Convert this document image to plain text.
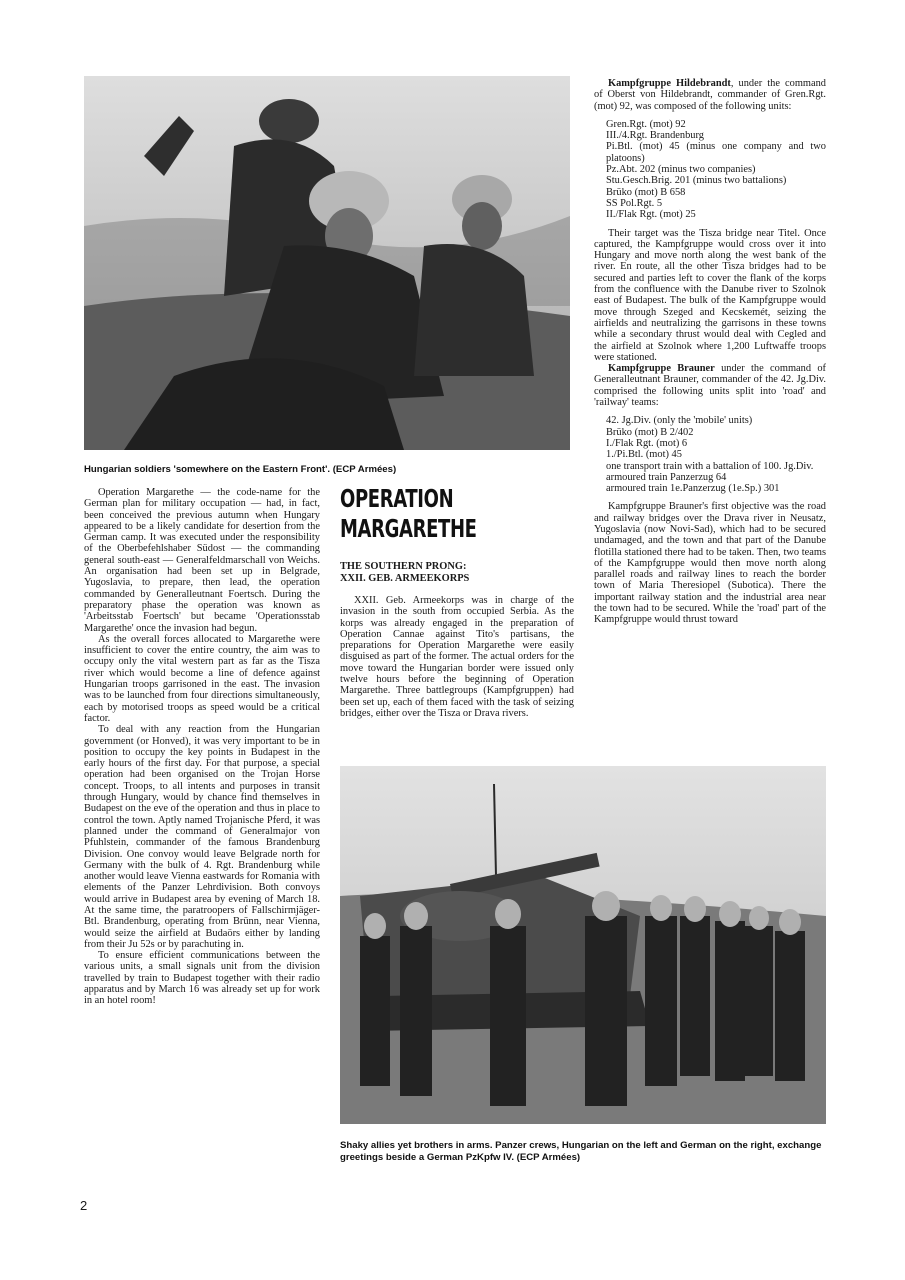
Hungarian soldiers 'somewhere on the Eastern Front'. (ECP Armées)

Operation Margarethe — the code-name for the German plan for military occupation — had, in fact, been conceived the previous autumn when Hungary appeared to be a likely candidate for desertion from the German camp. It was executed under the responsibility of the Oberbefehlshaber Südost — the commanding general south-east — Generalfeldmarschall von Weichs. An organisation had been set up in Belgrade, Yugoslavia, to prepare, then lead, the operation commanded by Generalleutnant Foertsch. During the preparatory phase the operation was known as 'Arbeitsstab Foertsch' but became 'Operationsstab Margarethe' once the invasion had begun.

As the overall forces allocated to Margarethe were insufficient to cover the entire country, the aim was to occupy only the vital western part as far as the Tisza river which would become a line of defence against Hungarian troops garrisoned in the east. The invasion was to be launched from four directions simultaneously, each by motorised troops as speed would be a critical factor.

To deal with any reaction from the Hungarian government (or Honved), it was very important to be in position to occupy the key points in Budapest in the early hours of the first day. For that purpose, a special operation had been organised on the Trojan Horse concept. Troops, to all intents and purposes in transit through Hungary, would by chance find themselves in Budapest on the eve of the operation and thus in place to control the town. Aptly named Trojanische Pferd, it was planned under the command of Generalmajor von Pfuhlstein, commander of the famous Brandenburg Division. One convoy would leave Belgrade north for Germany with the bulk of 4. Rgt. Brandenburg while another would leave Vienna eastwards for Romania with elements of the Panzer Lehrdivision. Both convoys would arrive in Budapest area by evening of March 18. At the same time, the paratroopers of Fallschirmjäger-Btl. Brandenburg, operating from Brünn, near Vienna, would seize the airfield at Budaörs either by landing from their Ju 52s or by parachuting in.

To ensure efficient communications between the various units, a small signals unit from the division travelled by train to Budapest together with their radio apparatus and by March 16 was already set up for work in an hotel room!

OPERATION
MARGARETHE
THE SOUTHERN PRONG:
XXII. GEB. ARMEEKORPS

XXII. Geb. Armeekorps was in charge of the invasion in the south from occupied Serbia. As the korps was already engaged in the preparation of Operation Cannae against Tito's partisans, the preparations for Operation Margarethe were easily disguised as part of the former. The actual orders for the move toward the Hungarian border were issued only twelve hours before the beginning of Operation Margarethe. Three battlegroups (Kampfgruppen) had been set up, each of them faced with the task of seizing bridges, either over the Tisza or Drava rivers.

Kampfgruppe Hildebrandt, under the command of Oberst von Hildebrandt, commander of Gren.Rgt. (mot) 92, was composed of the following units:

Gren.Rgt. (mot) 92
III./4.Rgt. Brandenburg
Pi.Btl. (mot) 45 (minus one company and two platoons)
Pz.Abt. 202 (minus two companies)
Stu.Gesch.Brig. 201 (minus two battalions)
Brüko (mot) B 658
SS Pol.Rgt. 5
II./Flak Rgt. (mot) 25

Their target was the Tisza bridge near Titel. Once captured, the Kampfgruppe would cross over it into Hungary and move north along the west bank of the river. En route, all the other Tisza bridges had to be secured and parties left to cover the flank of the korps from the confluence with the Danube river to Szolnok east of Budapest. The bulk of the Kampfgruppe would move through Szeged and Kecskemét, seizing the airfields and neutralizing the garrisons in these towns while a secondary thrust would deal with Cegled and the airfield at Szolnok where 1,200 Luftwaffe troops were stationed.

Kampfgruppe Brauner under the command of Generalleutnant Brauner, commander of the 42. Jg.Div. comprised the following units split into 'road' and 'railway' teams:

42. Jg.Div. (only the 'mobile' units)
Brüko (mot) B 2/402
I./Flak Rgt. (mot) 6
1./Pi.Btl. (mot) 45
one transport train with a battalion of 100. Jg.Div.
armoured train Panzerzug 64
armoured train 1e.Panzerzug (1e.Sp.) 301

Kampfgruppe Brauner's first objective was the road and railway bridges over the Drava river in Neusatz, Yugoslavia (now Novi-Sad), which had to be secured undamaged, and the town and that part of the Danube flotilla stationed there had to be taken. Then, two teams of the Kampfgruppe would then move north along parallel roads and railway lines to reach the border town of Maria Theresiopel (Subotica). There the important railway station and the industrial area near the town had to be secured. While the 'road' part of the Kampfgruppe would thrust toward

Shaky allies yet brothers in arms. Panzer crews, Hungarian on the left and German on the right, exchange greetings beside a German PzKpfw IV. (ECP Armées)
2
